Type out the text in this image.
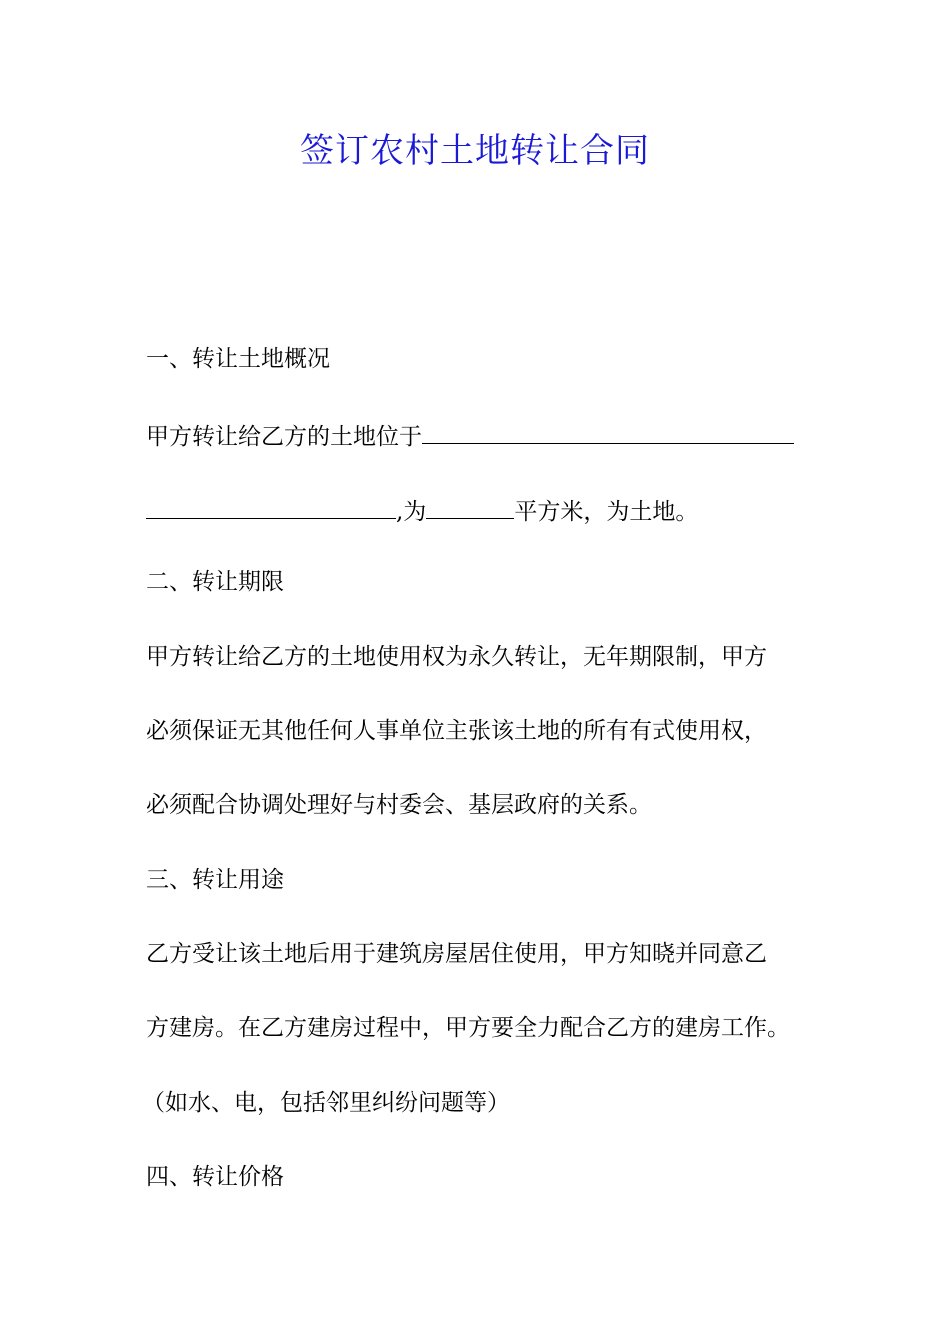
签订农村土地转让合同
一、转让土地概况
甲方转让给乙方的土地位于
,为	平方米，为土地。
二、转让期限
甲方转让给乙方的土地使用权为永久转让，无年期限制，甲方
必须保证无其他任何人事单位主张该土地的所有有式使用权，
必须配合协调处理好与村委会、基层政府的关系。
三、转让用途
乙方受让该土地后用于建筑房屋居住使用，甲方知晓并同意乙
方建房。在乙方建房过程中，甲方要全力配合乙方的建房工作。
（如水、电，包括邻里纠纷问题等）
四、转让价格
